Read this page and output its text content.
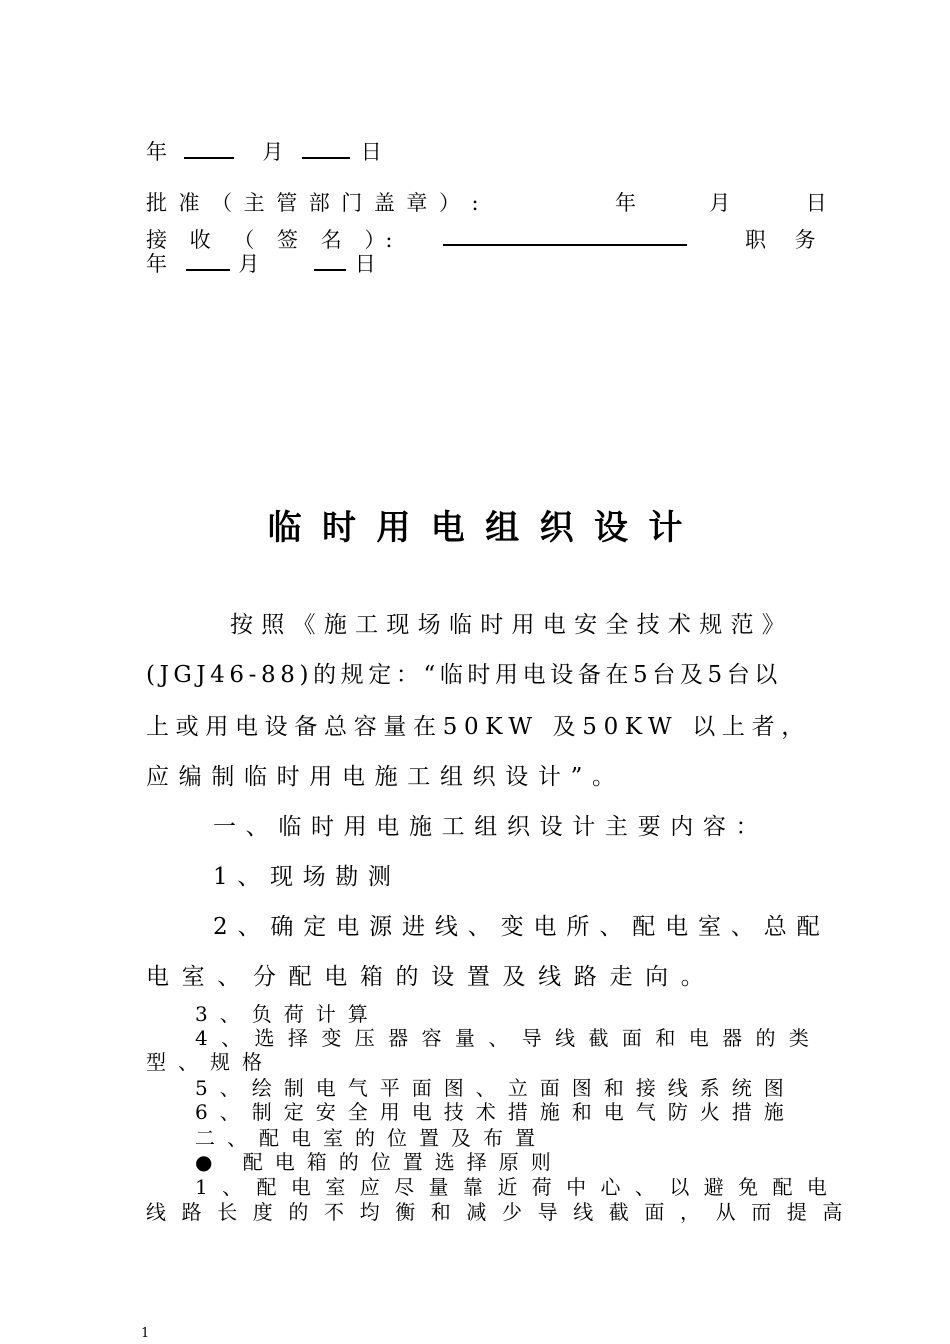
年	月	日
批准（主管部门盖章）:	年	月	日
接 收 （ 签 名 ）:	职 务
年	月	日
临时用电组织设计
按照《施工现场临时用电安全技术规范》
(JGJ46-88)的规定：“临时用电设备在5台及5台以
上或用电设备总容量在50KW 及50KW 以上者，
应编制临时用电施工组织设计”。
一、临时用电施工组织设计主要内容：
1、现场勘测
2、确定电源进线、变电所、配电室、总配
电室、分配电箱的设置及线路走向。
3、负荷计算
4、选择变压器容量、导线截面和电器的类
型、规格
5、绘制电气平面图、立面图和接线系统图
6、制定安全用电技术措施和电气防火措施
二、配电室的位置及布置
● 配电箱的位置选择原则
1、配电室应尽量靠近荷中心、以避免配电
线路长度的不均衡和减少导线截面，从而提高
1
